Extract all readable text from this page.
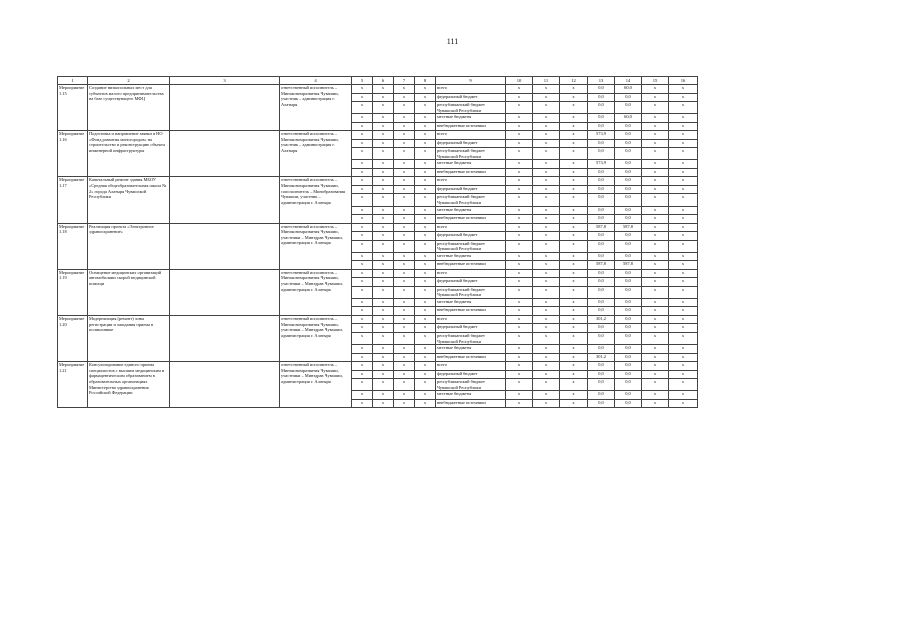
111
1	2	3	4	5	6	7	8	9	10	11	12	13	14	15	16
Мероприятие 1.15	Создание низкопольных мест для субъектов малого предпринимательства на базе существующего МФЦ		ответственный исполнитель – Минэкономразвития Чувашии, участник – администрация г. Алатыря	x	x	x	x	всего	x	x	x	0,0	60,0	x	x
				x	x	x	x	федеральный бюджет	x	x	x	0,0	0,0	x	x
				x	x	x	x	республиканский бюджет Чувашской Республики	x	x	x	0,0	0,0	x	x
				x	x	x	x	местные бюджеты	x	x	x	0,0	60,0	x	x
				x	x	x	x	внебюджетные источники	x	x	x	0,0	0,0	x	x
Мероприятие 1.16	Подготовка и направление заявки в НО «Фонд развития моногородов» на строительство и реконструкцию объекта инженерной инфраструктуры		ответственный исполнитель – Минэкономразвития Чувашии, участник – администрация г. Алатыря	x	x	x	x	всего	x	x	x	573,9	0,0	x	x
				x	x	x	x	федеральный бюджет	x	x	x	0,0	0,0	x	x
				x	x	x	x	республиканский бюджет Чувашской Республики	x	x	x	0,0	0,0	x	x
				x	x	x	x	местные бюджеты	x	x	x	573,9	0,0	x	x
				x	x	x	x	внебюджетные источники	x	x	x	0,0	0,0	x	x
Мероприятие 1.17	Капитальный ремонт здания МБОУ «Средняя общеобразовательная школа № 2» города Алатыря Чувашской Республики		ответственный исполнитель – Минэкономразвития Чувашии, соисполнитель – Минобразования Чувашии, участник – администрация г. Алатыря	x	x	x	x	всего	x	x	x	0,0	0,0	x	x
				x	x	x	x	федеральный бюджет	x	x	x	0,0	0,0	x	x
				x	x	x	x	республиканский бюджет Чувашской Республики	x	x	x	0,0	0,0	x	x
				x	x	x	x	местные бюджеты	x	x	x	0,0	0,0	x	x
				x	x	x	x	внебюджетные источники	x	x	x	0,0	0,0	x	x
Мероприятие 1.18	Реализация проекта «Электронное здравоохранение»		ответственный исполнитель – Минэкономразвития Чувашии, участники – Минздрав Чувашии, администрация г. Алатыря	x	x	x	x	всего	x	x	x	587,8	587,8	x	x
				x	x	x	x	федеральный бюджет	x	x	x	0,0	0,0	x	x
				x	x	x	x	республиканский бюджет Чувашской Республики	x	x	x	0,0	0,0	x	x
				x	x	x	x	местные бюджеты	x	x	x	0,0	0,0	x	x
				x	x	x	x	внебюджетные источники	x	x	x	587,8	587,8	x	x
Мероприятие 1.19	Оснащение медицинских организаций автомобилями скорой медицинской помощи		ответственный исполнитель – Минэкономразвития Чувашии, участники – Минздрав Чувашии, администрация г. Алатыря	x	x	x	x	всего	x	x	x	0,0	0,0	x	x
				x	x	x	x	федеральный бюджет	x	x	x	0,0	0,0	x	x
				x	x	x	x	республиканский бюджет Чувашской Республики	x	x	x	0,0	0,0	x	x
				x	x	x	x	местные бюджеты	x	x	x	0,0	0,0	x	x
				x	x	x	x	внебюджетные источники	x	x	x	0,0	0,0	x	x
Мероприятие 1.20	Модернизация (ремонт) зоны регистрации и ожидания приема в поликлинике		ответственный исполнитель – Минэкономразвития Чувашии, участники – Минздрав Чувашии, администрация г. Алатыря	x	x	x	x	всего	x	x	x	301,2	0,0	x	x
				x	x	x	x	федеральный бюджет	x	x	x	0,0	0,0	x	x
				x	x	x	x	республиканский бюджет Чувашской Республики	x	x	x	0,0	0,0	x	x
				x	x	x	x	местные бюджеты	x	x	x	0,0	0,0	x	x
				x	x	x	x	внебюджетные источники	x	x	x	301,2	0,0	x	x
Мероприятие 1.21	Консультирование единого приема специалистов с высшим медицинским и фармацевтическим образованием в образовательных организациях Министерства здравоохранения Российской Федерации		ответственный исполнитель – Минэкономразвития Чувашии, участники – Минздрав Чувашии, администрация г. Алатыря	x	x	x	x	всего	x	x	x	0,0	0,0	x	x
				x	x	x	x	федеральный бюджет	x	x	x	0,0	0,0	x	x
				x	x	x	x	республиканский бюджет Чувашской Республики	x	x	x	0,0	0,0	x	x
				x	x	x	x	местные бюджеты	x	x	x	0,0	0,0	x	x
				x	x	x	x	внебюджетные источники	x	x	x	0,0	0,0	x	x
